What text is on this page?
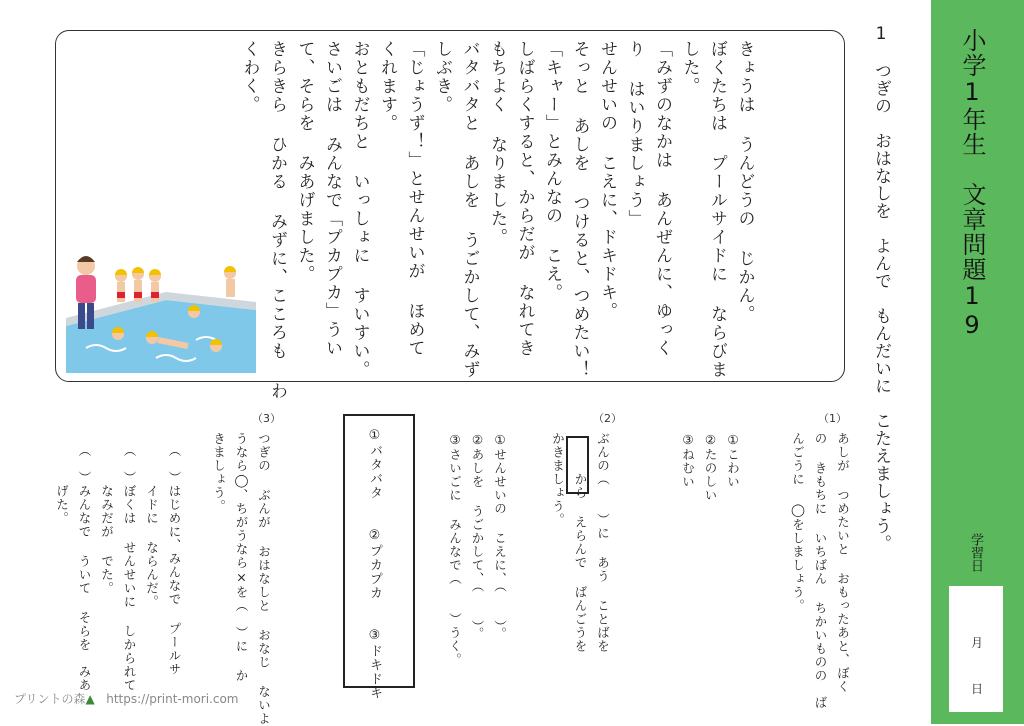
小学1年生　文章問題19
学習日
月
日
1　つぎの　おはなしを　よんで　もんだいに　こたえましょう。
きょうは うんどうの じかん。
ぼくたちは プールサイドに ならびま
した。
「みずのなかは あんぜんに、ゆっく
り はいりましょう」
せんせいの こえに、ドキドキ。
そっと あしを つけると、つめたい！
「キャー」とみんなの こえ。
しばらくすると、からだが なれてき
もちよく なりました。
バタバタと あしを うごかして、みず
しぶき。
「じょうず！」とせんせいが ほめて
くれます。
おともだちと いっしょに すいすい。
さいごは みんなで「プカプカ」うい
て、そらを みあげました。
きらきら ひかる みずに、こころも わ
くわく。
（1）
あしが つめたいと おもったあと、ぼく
の きもちに いちばん ちかいものの　ば
んごうに ◯をしましょう。
①こわい
②たのしい
③ねむい
（2）
ぶんの（　　）に あう ことばを
　　　から えらんで ばんごうを
かきましょう。
①せんせいの こえに、（　　）。
②あしを うごかして、（　　）。
③さいごに みんなで（　　）うく。
①バタバタ　　②プカプカ　　③ドキドキ
（3）
つぎの ぶんが おはなしと おなじ ないよ
うなら◯、ちがうなら×を（　）に か
きましょう。
（　）はじめに、みんなで プールサ
　　　イドに ならんだ。
（　）ぼくは せんせいに しかられて
　　　なみだが でた。
（　）みんなで ういて そらを　みあ
　　　げた。
プリントの森▲ https://print-mori.com
